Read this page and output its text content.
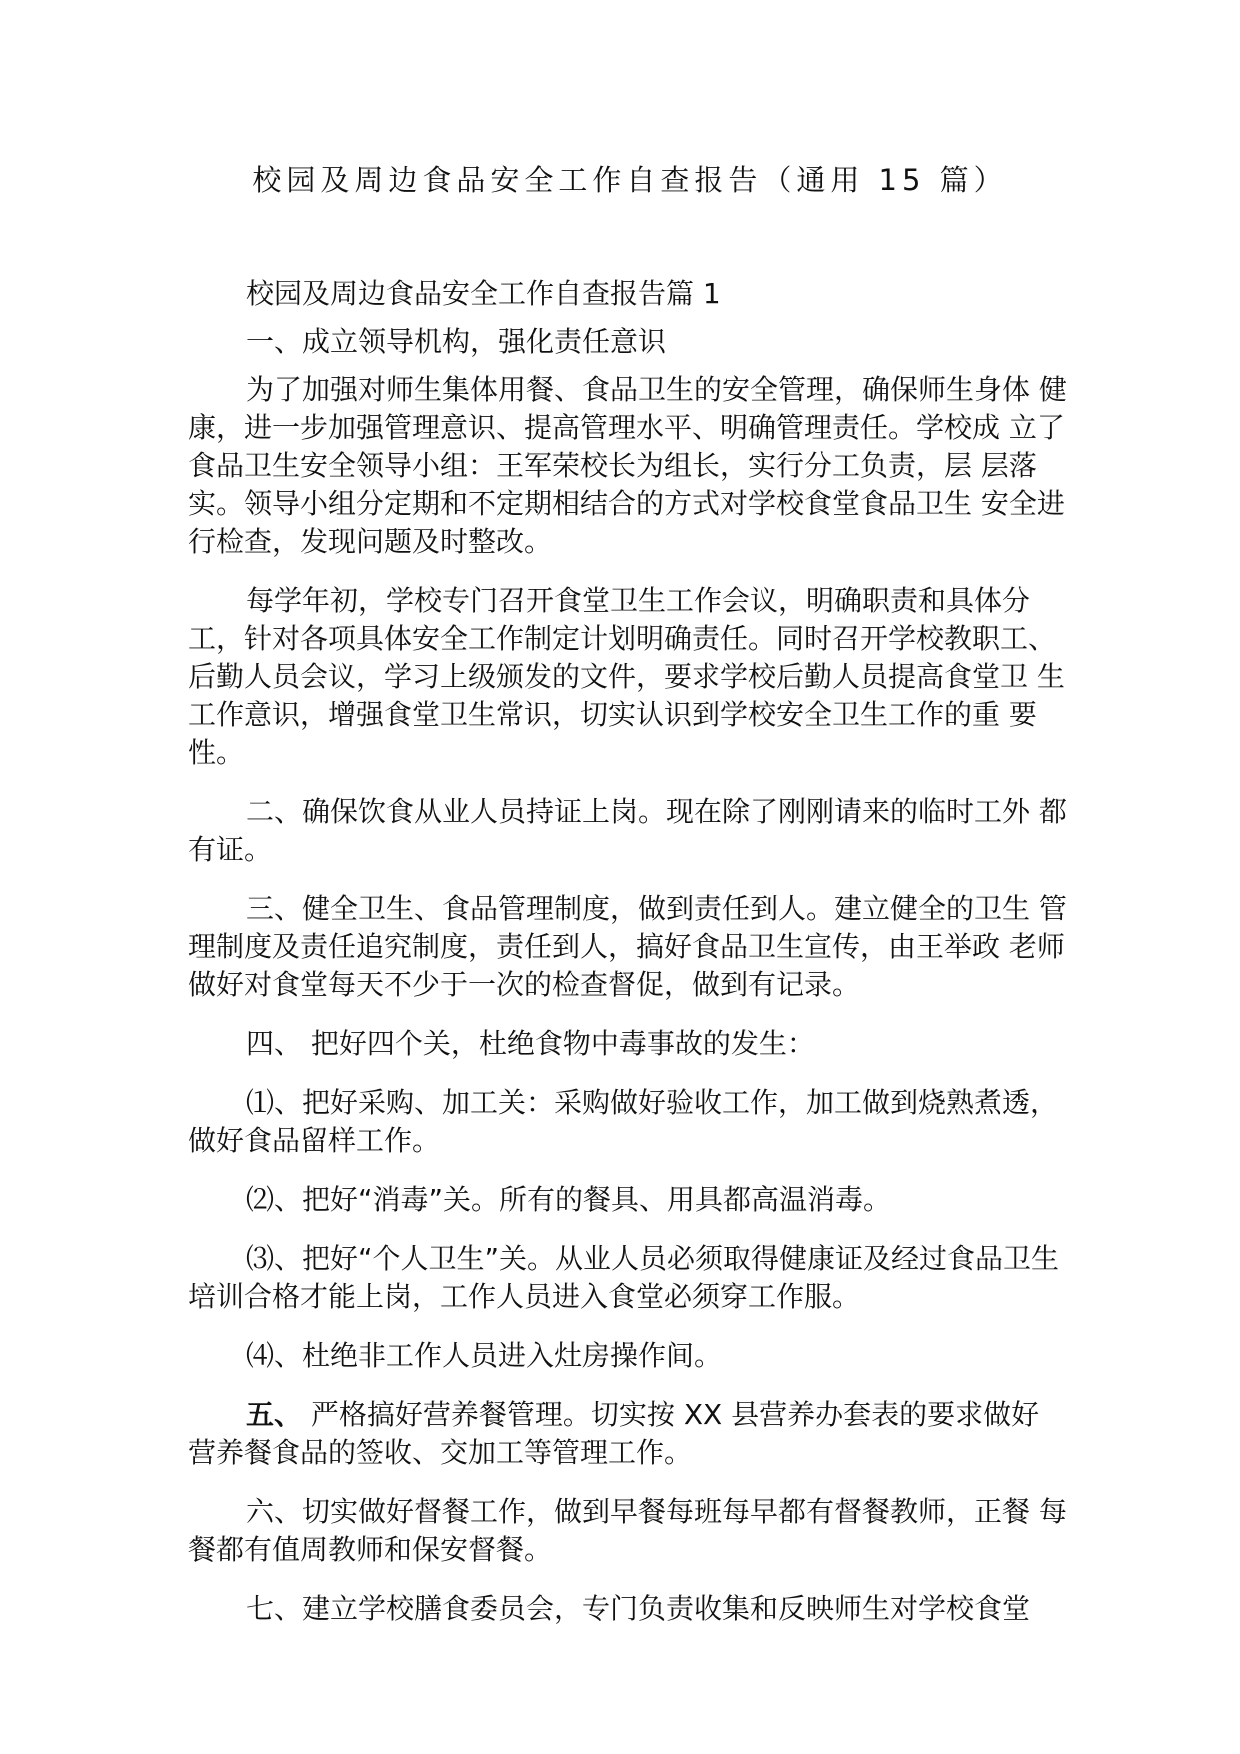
校园及周边食品安全工作自查报告（通用 15 篇）

校园及周边食品安全工作自查报告篇 1

一、成立领导机构，强化责任意识

为了加强对师生集体用餐、食品卫生的安全管理，确保师生身体 健康，进一步加强管理意识、提高管理水平、明确管理责任。学校成 立了食品卫生安全领导小组：王军荣校长为组长，实行分工负责，层 层落实。领导小组分定期和不定期相结合的方式对学校食堂食品卫生 安全进行检查，发现问题及时整改。

每学年初，学校专门召开食堂卫生工作会议，明确职责和具体分工，针对各项具体安全工作制定计划明确责任。同时召开学校教职工、 后勤人员会议，学习上级颁发的文件，要求学校后勤人员提高食堂卫 生工作意识，增强食堂卫生常识，切实认识到学校安全卫生工作的重 要性。

二、确保饮食从业人员持证上岗。现在除了刚刚请来的临时工外 都有证。

三、健全卫生、食品管理制度，做到责任到人。建立健全的卫生 管理制度及责任追究制度，责任到人，搞好食品卫生宣传，由王举政 老师做好对食堂每天不少于一次的检查督促，做到有记录。

四、 把好四个关，杜绝食物中毒事故的发生：

⑴、把好采购、加工关：采购做好验收工作，加工做到烧熟煮透， 做好食品留样工作。

⑵、把好“消毒”关。所有的餐具、用具都高温消毒。

⑶、把好“个人卫生”关。从业人员必须取得健康证及经过食品卫生培训合格才能上岗，工作人员进入食堂必须穿工作服。

⑷、杜绝非工作人员进入灶房操作间。

五、 严格搞好营养餐管理。切实按 XX 县营养办套表的要求做好 营养餐食品的签收、交加工等管理工作。

六、切实做好督餐工作，做到早餐每班每早都有督餐教师，正餐 每餐都有值周教师和保安督餐。

七、建立学校膳食委员会，专门负责收集和反映师生对学校食堂
